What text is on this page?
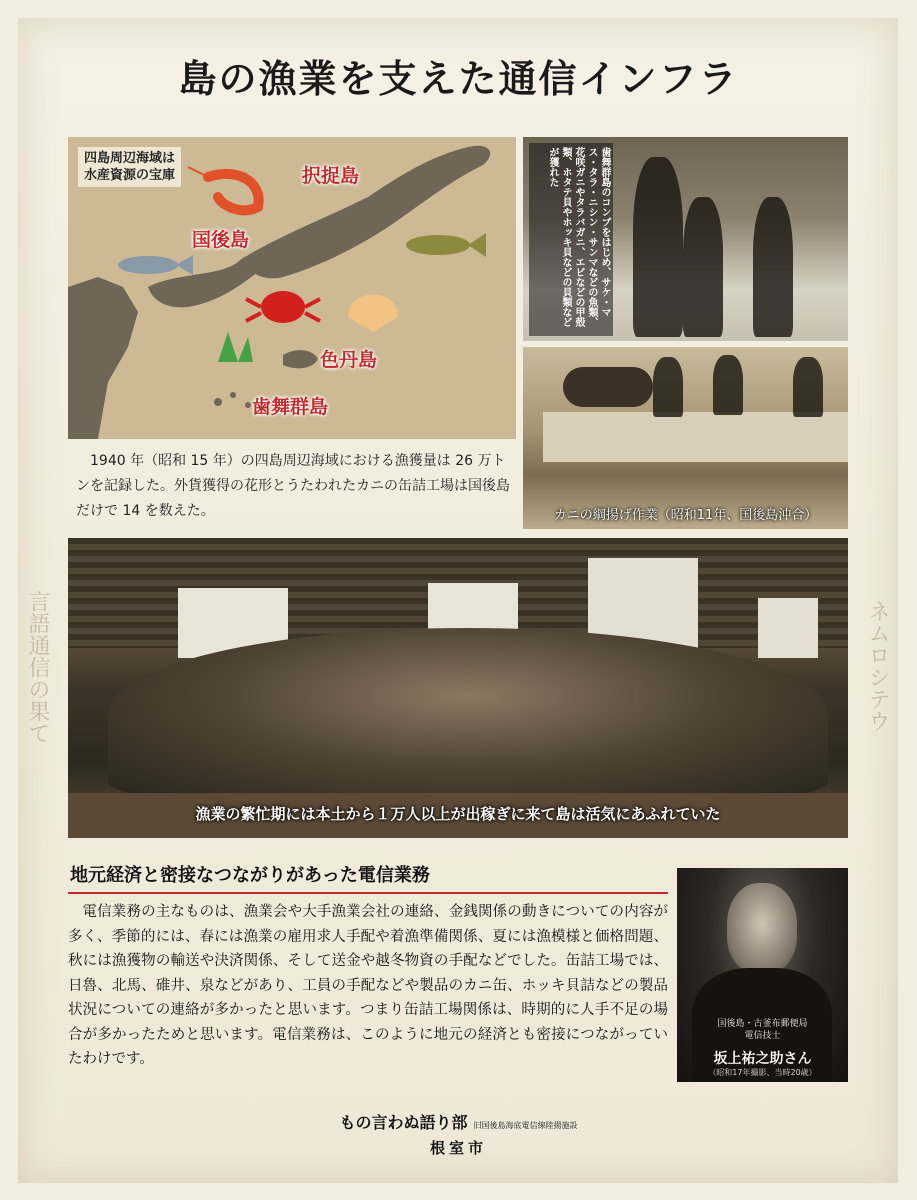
言語通信の果て	ネムロシテウ
島の漁業を支えた通信インフラ
四島周辺海域は
水産資源の宝庫	択捉島
国後島
色丹島
歯舞群島
1940 年（昭和 15 年）の四島周辺海域における漁獲量は 26 万トンを記録した。外貨獲得の花形とうたわれたカニの缶詰工場は国後島だけで 14 を数えた。
歯舞群島のコンブをはじめ、サケ・マス・タラ・ニシン・サンマなどの魚類、花咲ガニやタラバガニ、エビなどの甲殻類、ホタテ貝やホッキ貝などの貝類などが獲れた
カニの綱揚げ作業（昭和11年、国後島沖合）
漁業の繁忙期には本土から１万人以上が出稼ぎに来て島は活気にあふれていた
地元経済と密接なつながりがあった電信業務
電信業務の主なものは、漁業会や大手漁業会社の連絡、金銭関係の動きについての内容が多く、季節的には、春には漁業の雇用求人手配や着漁準備関係、夏には漁模様と価格問題、秋には漁獲物の輸送や決済関係、そして送金や越冬物資の手配などでした。缶詰工場では、日魯、北馬、碓井、泉などがあり、工員の手配などや製品のカニ缶、ホッキ貝詰などの製品状況についての連絡が多かったと思います。つまり缶詰工場関係は、時期的に人手不足の場合が多かったためと思います。電信業務は、このように地元の経済とも密接につながっていたわけです。
国後島・古釜布郵便局
電信技士
坂上祐之助さん
（昭和17年撮影、当時20歳）
もの言わぬ語り部 旧国後島海底電信線陸揚施設
根室市
